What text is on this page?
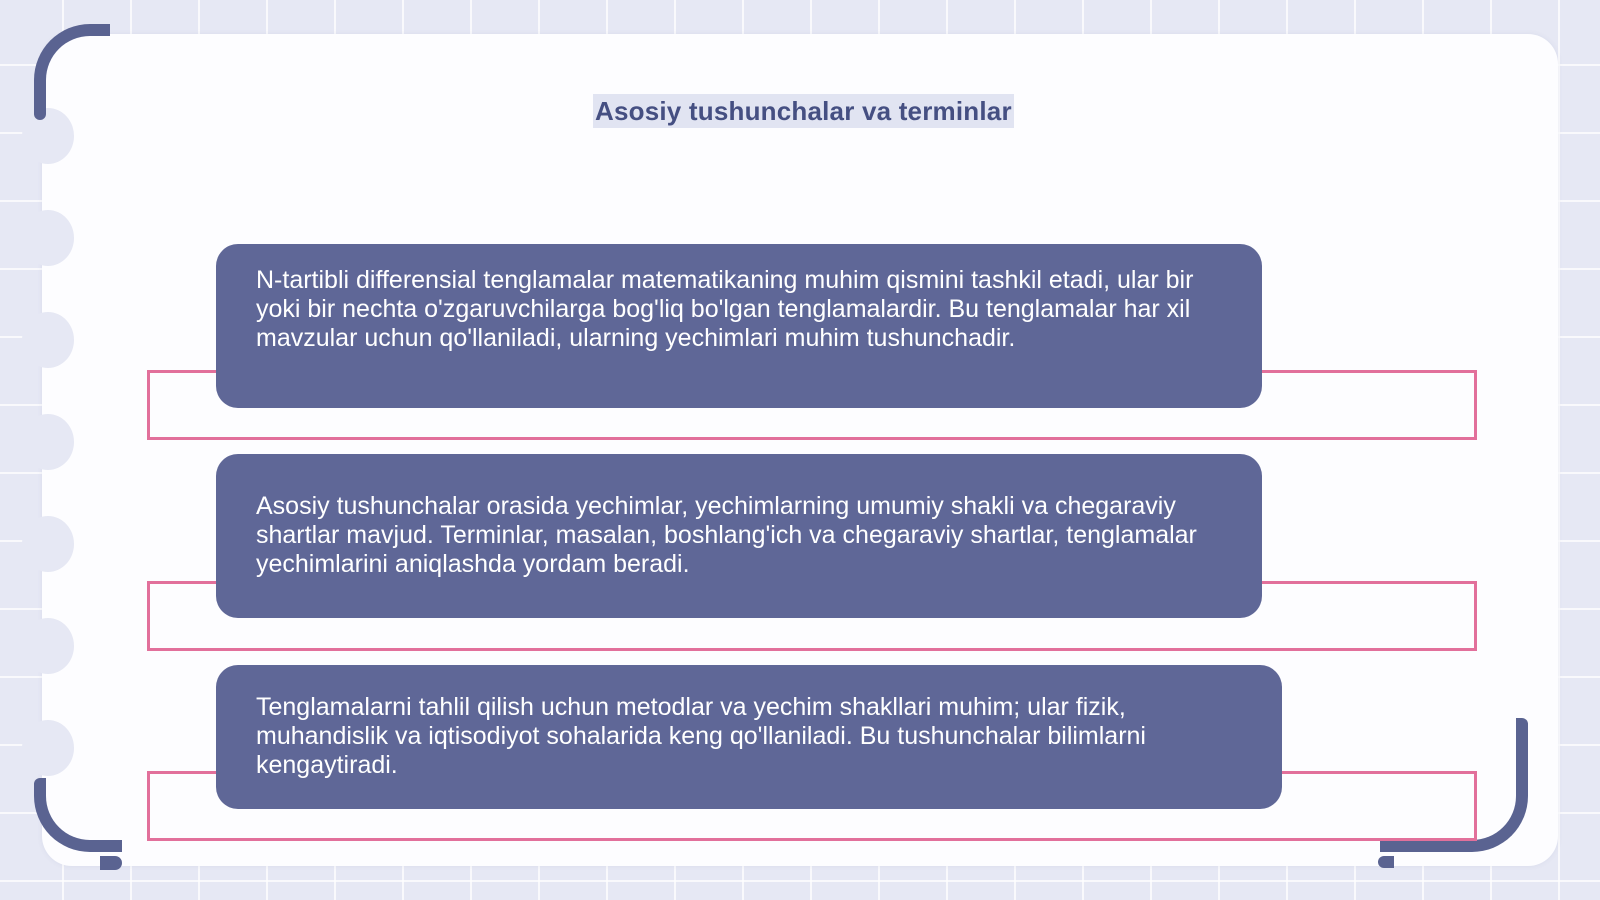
Asosiy tushunchalar va terminlar

N-tartibli differensial tenglamalar matematikaning muhim qismini tashkil etadi, ular bir yoki bir nechta o'zgaruvchilarga bog'liq bo'lgan tenglamalardir. Bu tenglamalar har xil mavzular uchun qo'llaniladi, ularning yechimlari muhim tushunchadir.

Asosiy tushunchalar orasida yechimlar, yechimlarning umumiy shakli va chegaraviy shartlar mavjud. Terminlar, masalan, boshlang'ich va chegaraviy shartlar, tenglamalar yechimlarini aniqlashda yordam beradi.

Tenglamalarni tahlil qilish uchun metodlar va yechim shakllari muhim; ular fizik, muhandislik va iqtisodiyot sohalarida keng qo'llaniladi. Bu tushunchalar bilimlarni kengaytiradi.
